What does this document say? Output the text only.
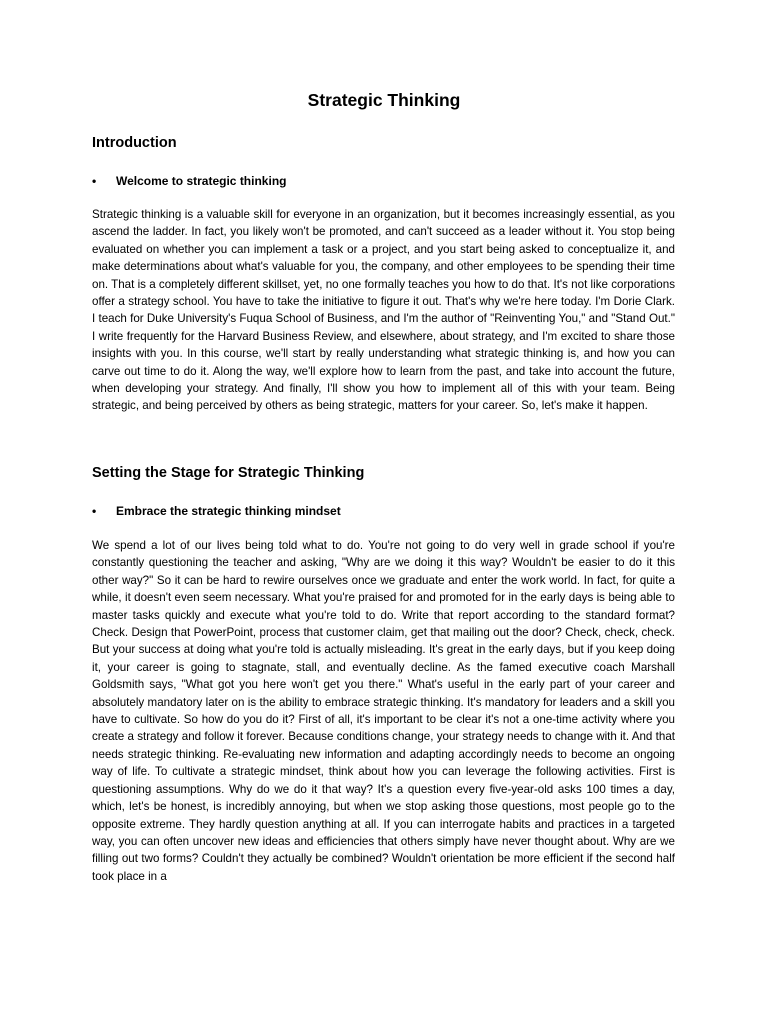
Strategic Thinking
Introduction
• Welcome to strategic thinking

Strategic thinking is a valuable skill for everyone in an organization, but it becomes increasingly essential, as you ascend the ladder. In fact, you likely won't be promoted, and can't succeed as a leader without it. You stop being evaluated on whether you can implement a task or a project, and you start being asked to conceptualize it, and make determinations about what's valuable for you, the company, and other employees to be spending their time on. That is a completely different skillset, yet, no one formally teaches you how to do that. It's not like corporations offer a strategy school. You have to take the initiative to figure it out. That's why we're here today. I'm Dorie Clark. I teach for Duke University's Fuqua School of Business, and I'm the author of "Reinventing You," and "Stand Out." I write frequently for the Harvard Business Review, and elsewhere, about strategy, and I'm excited to share those insights with you. In this course, we'll start by really understanding what strategic thinking is, and how you can carve out time to do it. Along the way, we'll explore how to learn from the past, and take into account the future, when developing your strategy. And finally, I'll show you how to implement all of this with your team. Being strategic, and being perceived by others as being strategic, matters for your career. So, let's make it happen.

Setting the Stage for Strategic Thinking
• Embrace the strategic thinking mindset

We spend a lot of our lives being told what to do. You're not going to do very well in grade school if you're constantly questioning the teacher and asking, "Why are we doing it this way? Wouldn't be easier to do it this other way?" So it can be hard to rewire ourselves once we graduate and enter the work world. In fact, for quite a while, it doesn't even seem necessary. What you're praised for and promoted for in the early days is being able to master tasks quickly and execute what you're told to do. Write that report according to the standard format? Check. Design that PowerPoint, process that customer claim, get that mailing out the door? Check, check, check. But your success at doing what you're told is actually misleading. It's great in the early days, but if you keep doing it, your career is going to stagnate, stall, and eventually decline. As the famed executive coach Marshall Goldsmith says, "What got you here won't get you there." What's useful in the early part of your career and absolutely mandatory later on is the ability to embrace strategic thinking. It's mandatory for leaders and a skill you have to cultivate. So how do you do it? First of all, it's important to be clear it's not a one-time activity where you create a strategy and follow it forever. Because conditions change, your strategy needs to change with it. And that needs strategic thinking. Re-evaluating new information and adapting accordingly needs to become an ongoing way of life. To cultivate a strategic mindset, think about how you can leverage the following activities. First is questioning assumptions. Why do we do it that way? It's a question every five-year-old asks 100 times a day, which, let's be honest, is incredibly annoying, but when we stop asking those questions, most people go to the opposite extreme. They hardly question anything at all. If you can interrogate habits and practices in a targeted way, you can often uncover new ideas and efficiencies that others simply have never thought about. Why are we filling out two forms? Couldn't they actually be combined? Wouldn't orientation be more efficient if the second half took place in a
